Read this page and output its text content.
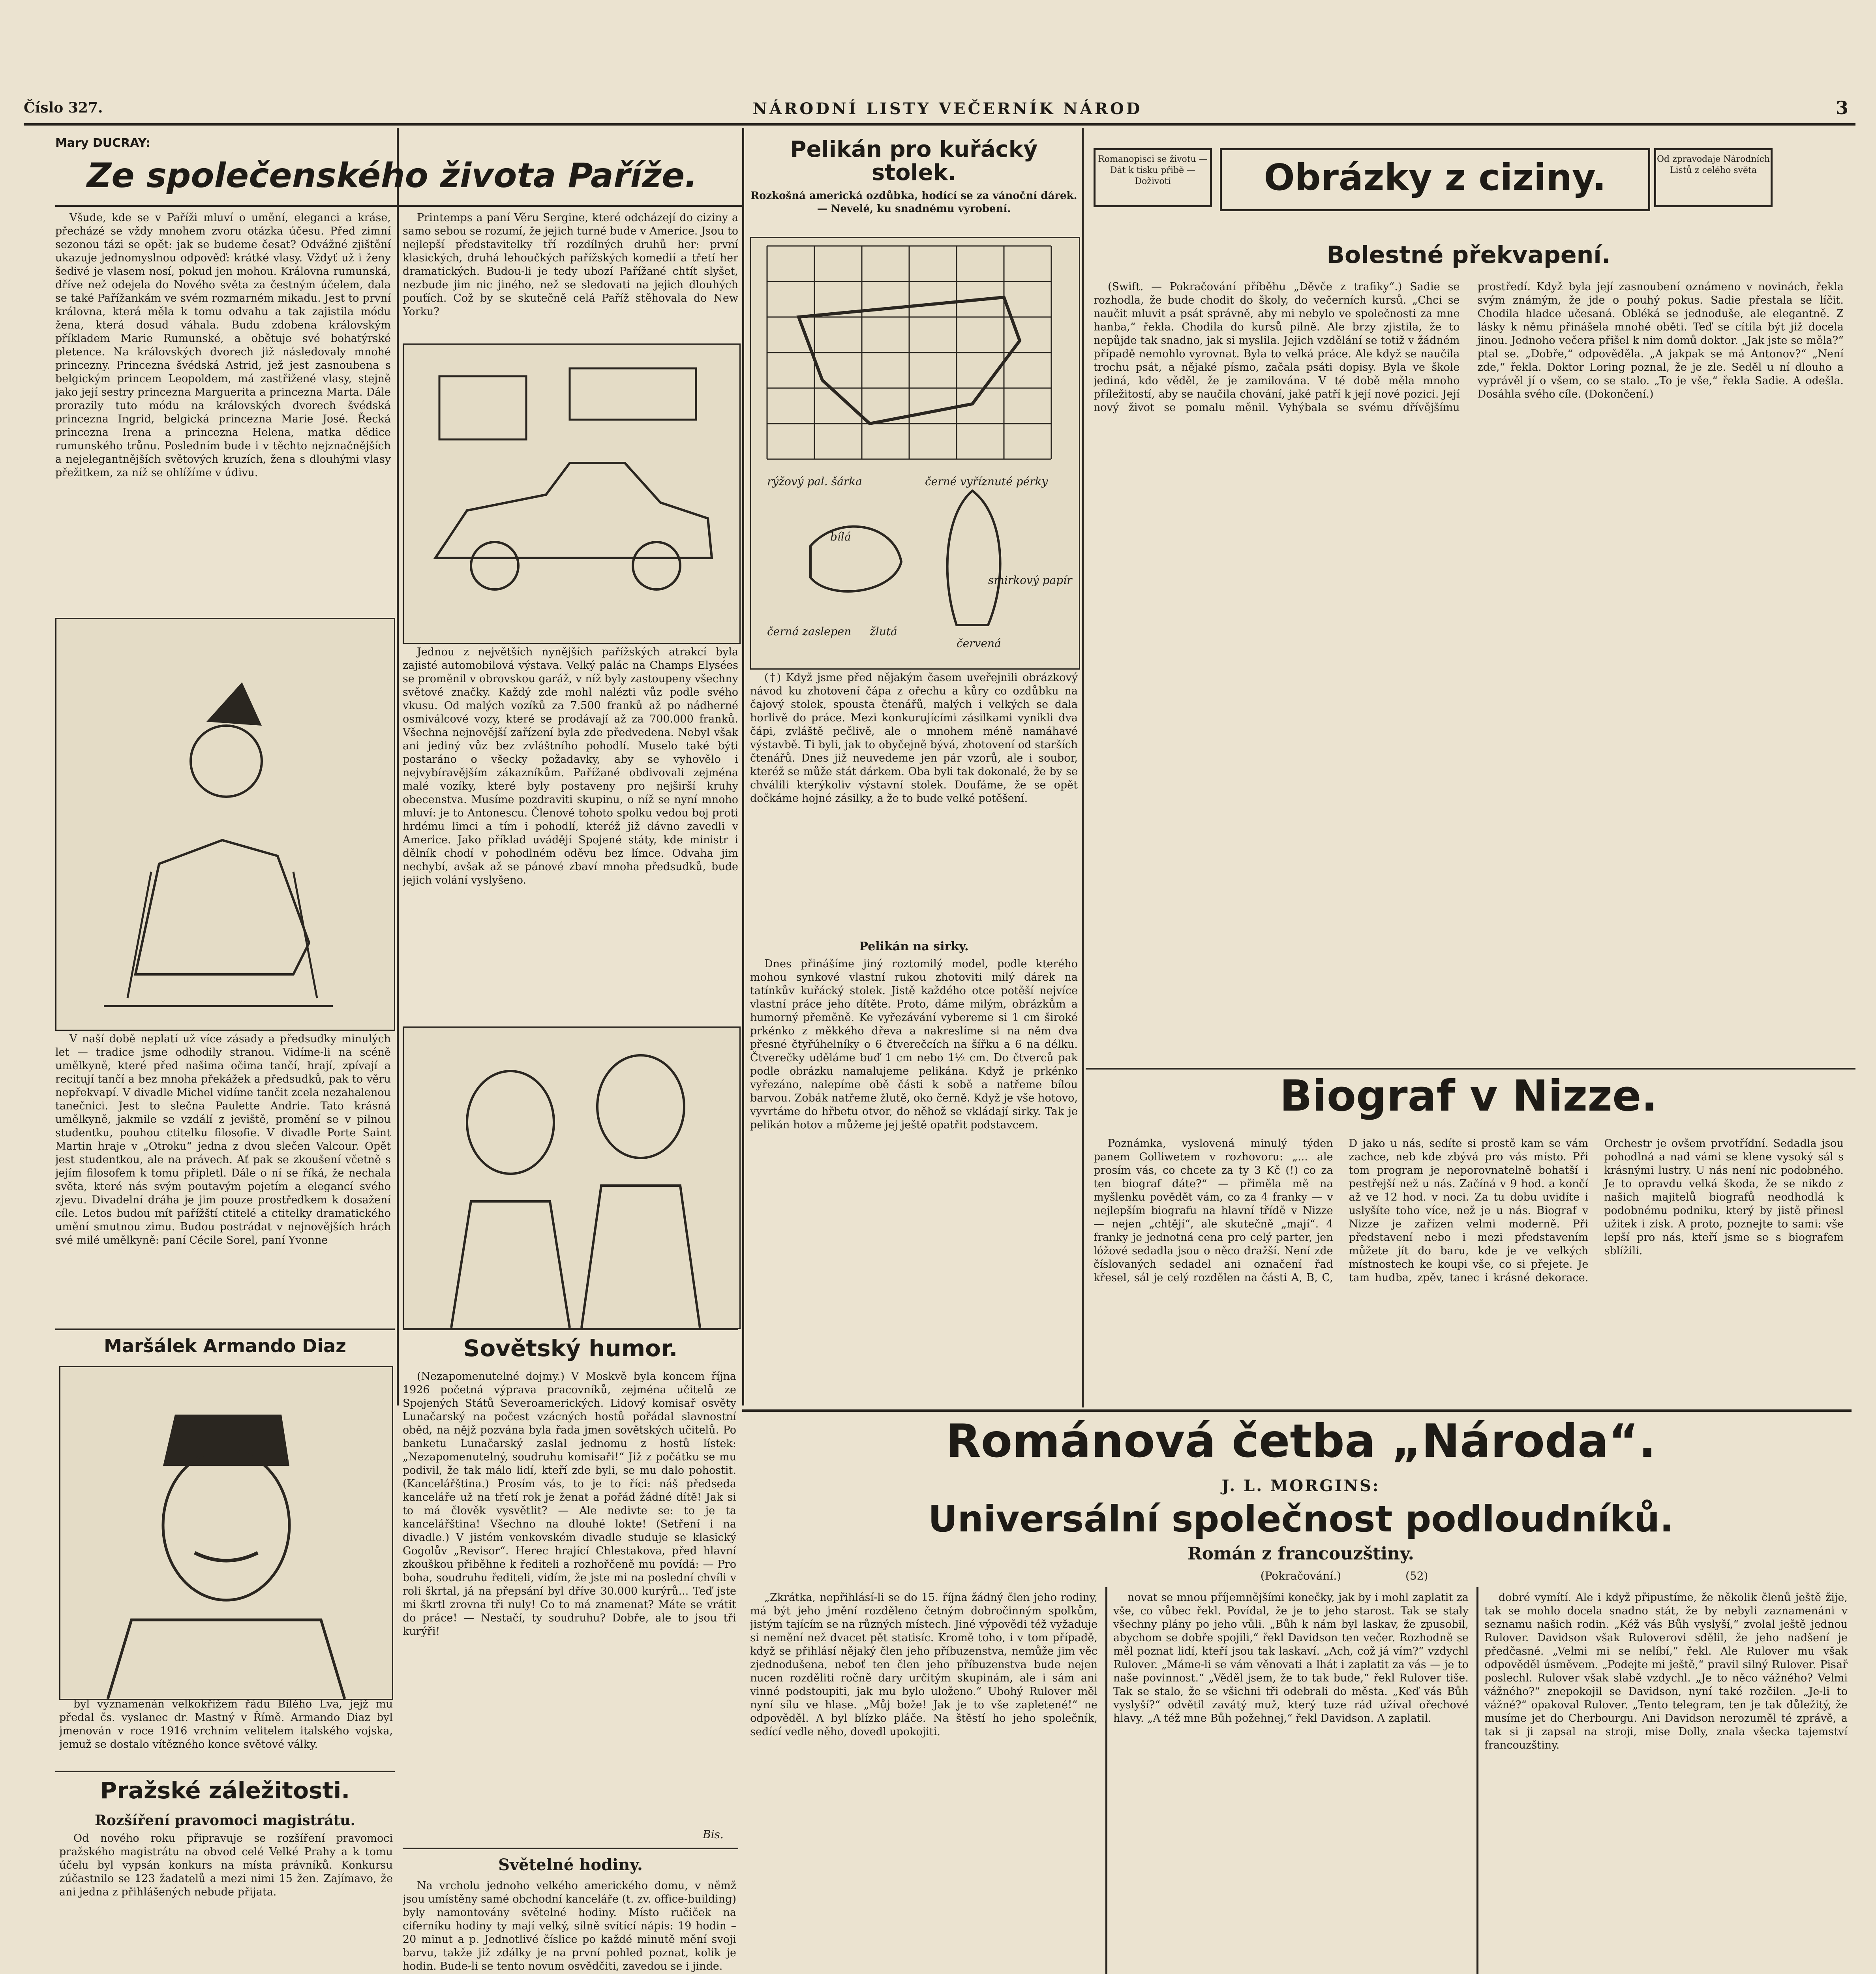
Číslo 327.	NÁRODNÍ LISTY VEČERNÍK NÁROD	3
Mary DUCRAY:
Ze společenského života Paříže.

Všude, kde se v Paříži mluví o umění, eleganci a kráse, přecházé se vždy mnohem zvoru otázka účesu. Před zimní sezonou tázi se opět: jak se budeme česat? Odvážné zjištění ukazuje jednomyslnou odpověď: krátké vlasy. Vždyť už i ženy šedivé je vlasem nosí, pokud jen mohou. Královna rumunská, dříve než odejela do Nového světa za čestným účelem, dala se také Pařížankám ve svém rozmarném mikadu. Jest to první královna, která měla k tomu odvahu a tak zajistila módu žena, která dosud váhala. Budu zdobena královským příkladem Marie Rumunské, a obětuje své bohatýrské pletence. Na královských dvorech již následovaly mnohé princezny. Princezna švédská Astrid, jež jest zasnoubena s belgickým princem Leopoldem, má zastřižené vlasy, stejně jako její sestry princezna Marguerita a princezna Marta. Dále prorazily tuto módu na královských dvorech švédská princezna Ingrid, belgická princezna Marie José. Řecká princezna Irena a princezna Helena, matka dědice rumunského trůnu. Posledním bude i v těchto nejznačnějších a nejelegantnějších světových kruzích, žena s dlouhými vlasy přežitkem, za níž se ohlížíme v údivu.

V naší době neplatí už více zásady a předsudky minulých let — tradice jsme odhodily stranou. Vidíme-li na scéně umělkyně, které před našima očima tančí, hrají, zpívají a recitují tančí a bez mnoha překážek a předsudků, pak to věru nepřekvapí. V divadle Michel vidíme tančit zcela nezahalenou tanečnici. Jest to slečna Paulette Andrie. Tato krásná umělkyně, jakmile se vzdálí z jeviště, promění se v pilnou studentku, pouhou ctitelku filosofie. V divadle Porte Saint Martin hraje v „Otroku“ jedna z dvou slečen Valcour. Opět jest studentkou, ale na právech. Ať pak se zkoušení včetně s jejím filosofem k tomu připletl. Dále o ní se říká, že nechala světa, které nás svým poutavým pojetím a elegancí svého zjevu. Divadelní dráha je jim pouze prostředkem k dosažení cíle. Letos budou mít pařížští ctitelé a ctitelky dramatického umění smutnou zimu. Budou postrádat v nejnovějších hrách své milé umělkyně: paní Cécile Sorel, paní Yvonne

Printemps a paní Věru Sergine, které odcházejí do ciziny a samo sebou se rozumí, že jejich turné bude v Americe. Jsou to nejlepší představitelky tří rozdílných druhů her: první klasických, druhá lehoučkých pařížských komedií a třetí her dramatických. Budou-li je tedy ubozí Pařížané chtít slyšet, nezbude jim nic jiného, než se sledovati na jejich dlouhých pouťích. Což by se skutečně celá Paříž stěhovala do New Yorku?

Jednou z největších nynějších pařížských atrakcí byla zajisté automobilová výstava. Velký palác na Champs Elysées se proměnil v obrovskou garáž, v níž byly zastoupeny všechny světové značky. Každý zde mohl nalézti vůz podle svého vkusu. Od malých vozíků za 7.500 franků až po nádherné osmiválcové vozy, které se prodávají až za 700.000 franků. Všechna nejnovější zařízení byla zde předvedena. Nebyl však ani jediný vůz bez zvláštního pohodlí. Muselo také býti postaráno o všecky požadavky, aby se vyhovělo i nejvybíravějším zákazníkům. Pařížané obdivovali zejména malé vozíky, které byly postaveny pro nejširší kruhy obecenstva. Musíme pozdraviti skupinu, o níž se nyní mnoho mluví: je to Antonescu. Členové tohoto spolku vedou boj proti hrdému limci a tím i pohodlí, kteréž již dávno zavedli v Americe. Jako příklad uvádějí Spojené státy, kde ministr i dělník chodí v pohodlném oděvu bez límce. Odvaha jim nechybí, avšak až se pánové zbaví mnoha předsudků, bude jejich volání vyslyšeno.

Pelikán pro kuřácký stolek.
Rozkošná americká ozdůbka, hodící se za vánoční dárek. — Nevelé, ku snadnému vyrobení.
rýžový pal. šárka	černé vyříznuté pérky
smirkový papír
bílá
černá zaslepen žlutá
červená

(†) Když jsme před nějakým časem uveřejnili obrázkový návod ku zhotovení čápa z ořechu a kůry co ozdůbku na čajový stolek, spousta čtenářů, malých i velkých se dala horlivě do práce. Mezi konkurujícími zásilkami vynikli dva čápi, zvláště pečlivě, ale o mnohem méně namáhavé výstavbě. Ti byli, jak to obyčejně bývá, zhotovení od starších čtenářů. Dnes již neuvedeme jen pár vzorů, ale i soubor, kteréž se může stát dárkem. Oba byli tak dokonalé, že by se chválili kterýkoliv výstavní stolek. Doufáme, že se opět dočkáme hojné zásilky, a že to bude velké potěšení.

Pelikán na sirky.

Dnes přinášíme jiný roztomilý model, podle kterého mohou synkové vlastní rukou zhotoviti milý dárek na tatínkův kuřácký stolek. Jistě každého otce potěší nejvíce vlastní práce jeho dítěte. Proto, dáme milým, obrázkům a humorný přeměně. Ke vyřezávání vybereme si 1 cm široké prkénko z měkkého dřeva a nakreslíme si na něm dva přesné čtyřúhelníky o 6 čtverečcích na šířku a 6 na délku. Čtverečky uděláme buď 1 cm nebo 1½ cm. Do čtverců pak podle obrázku namalujeme pelikána. Když je prkénko vyřezáno, nalepíme obě části k sobě a natřeme bílou barvou. Zobák natřeme žlutě, oko černě. Když je vše hotovo, vyvrtáme do hřbetu otvor, do něhož se vkládají sirky. Tak je pelikán hotov a můžeme jej ještě opatřit podstavcem.

Romanopisci se životu — Dát k tisku přibě — Doživotí	Obrázky z ciziny.	Od zpravodaje Národních Listů z celého světa
Bolestné překvapení.

(Swift. — Pokračování příběhu „Děvče z trafiky“.) Sadie se rozhodla, že bude chodit do školy, do večerních kursů. „Chci se naučit mluvit a psát správně, aby mi nebylo ve společnosti za mne hanba,“ řekla. Chodila do kursů pilně. Ale brzy zjistila, že to nepůjde tak snadno, jak si myslila. Jejich vzdělání se totiž v žádném případě nemohlo vyrovnat. Byla to velká práce. Ale když se naučila trochu psát, a nějaké písmo, začala psáti dopisy. Byla ve škole jediná, kdo věděl, že je zamilována. V té době měla mnoho příležitostí, aby se naučila chování, jaké patří k její nové pozici. Její nový život se pomalu měnil. Vyhýbala se svému dřívějšímu prostředí. Když byla její zasnoubení oznámeno v novinách, řekla svým známým, že jde o pouhý pokus. Sadie přestala se líčit. Chodila hladce učesaná. Obléká se jednoduše, ale elegantně. Z lásky k němu přinášela mnohé oběti. Teď se cítila být již docela jinou. Jednoho večera přišel k nim domů doktor. „Jak jste se měla?“ ptal se. „Dobře,“ odpověděla. „A jakpak se má Antonov?“ „Není zde,“ řekla. Doktor Loring poznal, že je zle. Seděl u ní dlouho a vyprávěl jí o všem, co se stalo. „To je vše,“ řekla Sadie. A odešla. Dosáhla svého cíle. (Dokončení.)

Biograf v Nizze.

Poznámka, vyslovená minulý týden panem Golliwetem v rozhovoru: „... ale prosím vás, co chcete za ty 3 Kč (!) co za ten biograf dáte?“ — přiměla mě na myšlenku povědět vám, co za 4 franky — v nejlepším biografu na hlavní třídě v Nizze — nejen „chtějí“, ale skutečně „mají“. 4 franky je jednotná cena pro celý parter, jen lóžové sedadla jsou o něco dražší. Není zde číslovaných sedadel ani označení řad křesel, sál je celý rozdělen na části A, B, C, D jako u nás, sedíte si prostě kam se vám zachce, neb kde zbývá pro vás místo. Při tom program je neporovnatelně bohatší i pestřejší než u nás. Začíná v 9 hod. a končí až ve 12 hod. v noci. Za tu dobu uvidíte i uslyšíte toho více, než je u nás. Biograf v Nizze je zařízen velmi moderně. Při představení nebo i mezi představením můžete jít do baru, kde je ve velkých místnostech ke koupi vše, co si přejete. Je tam hudba, zpěv, tanec i krásné dekorace. Orchestr je ovšem prvotřídní. Sedadla jsou pohodlná a nad vámi se klene vysoký sál s krásnými lustry. U nás není nic podobného. Je to opravdu velká škoda, že se nikdo z našich majitelů biografů neodhodlá k podobnému podniku, který by jistě přinesl užitek i zisk. A proto, poznejte to sami: vše lepší pro nás, kteří jsme se s biografem sblížili.

Maršálek Armando Diaz

byl vyznamenán velkokřížem řádu Bílého Lva, jejž mu předal čs. vyslanec dr. Mastný v Římě. Armando Diaz byl jmenován v roce 1916 vrchním velitelem italského vojska, jemuž se dostalo vítězného konce světové války.

Pražské záležitosti.
Rozšíření pravomoci magistrátu.

Od nového roku připravuje se rozšíření pravomoci pražského magistrátu na obvod celé Velké Prahy a k tomu účelu byl vypsán konkurs na místa právníků. Konkursu zúčastnilo se 123 žadatelů a mezi nimi 15 žen. Zajímavo, že ani jedna z přihlášených nebude přijata.

Sovětský humor.

(Nezapomenutelné dojmy.) V Moskvě byla koncem října 1926 početná výprava pracovníků, zejména učitelů ze Spojených Států Severoamerických. Lidový komisař osvěty Lunačarský na počest vzácných hostů pořádal slavnostní oběd, na nějž pozvána byla řada jmen sovětských učitelů. Po banketu Lunačarský zaslal jednomu z hostů lístek: „Nezapomenutelný, soudruhu komisaři!“ Již z počátku se mu podivil, že tak málo lidí, kteří zde byli, se mu dalo pohostit. (Kancelářština.) Prosím vás, to je to říci: náš předseda kanceláře už na třetí rok je ženat a pořád žádné dítě! Jak si to má člověk vysvětlit? — Ale nedivte se: to je ta kancelářština! Všechno na dlouhé lokte! (Setření i na divadle.) V jistém venkovském divadle studuje se klasický Gogolův „Revisor“. Herec hrající Chlestakova, před hlavní zkouškou přiběhne k řediteli a rozhořčeně mu povídá: — Pro boha, soudruhu řediteli, vidím, že jste mi na poslední chvíli v roli škrtal, já na přepsání byl dříve 30.000 kurýrů... Teď jste mi škrtl zrovna tři nuly! Co to má znamenat? Máte se vrátit do práce! — Nestačí, ty soudruhu? Dobře, ale to jsou tři kurýři!

Bis.
Světelné hodiny.

Na vrcholu jednoho velkého amerického domu, v němž jsou umístěny samé obchodní kanceláře (t. zv. office-building) byly namontovány světelné hodiny. Místo ručiček na ciferníku hodiny ty mají velký, silně svítící nápis: 19 hodin – 20 minut a p. Jednotlivé číslice po každé minutě mění svoji barvu, takže již zdálky je na první pohled poznat, kolik je hodin. Bude-li se tento novum osvědčiti, zavedou se i jinde.

Románová četba „Národa“.
J. L. MORGINS:
Universální společnost podloudníků.
Román z francouzštiny.
(Pokračování.)	(52)

„Zkrátka, nepřihlásí-li se do 15. října žádný člen jeho rodiny, má být jeho jmění rozděleno četným dobročinným spolkům, jistým tajícím se na různých místech. Jiné výpovědi též vyžaduje si nemění než dvacet pět statisíc. Kromě toho, i v tom případě, když se přihlásí nějaký člen jeho příbuzenstva, nemůže jim věc zjednodušena, neboť ten člen jeho příbuzenstva bude nejen nucen rozděliti ročně dary určitým skupinám, ale i sám ani vinné podstoupiti, jak mu bylo uloženo.“ Ubohý Rulover měl nyní sílu ve hlase. „Můj bože! Jak je to vše zapletené!“ ne odpověděl. A byl blízko pláče. Na štěstí ho jeho společník, sedící vedle něho, dovedl upokojiti.

novat se mnou příjemnějšími konečky, jak by i mohl zaplatit za vše, co vůbec řekl. Povídal, že je to jeho starost. Tak se staly všechny plány po jeho vůli. „Bůh k nám byl laskav, že zpusobil, abychom se dobře spojili,“ řekl Davidson ten večer. Rozhodně se měl poznat lidí, kteří jsou tak laskaví. „Ach, což já vím?“ vzdychl Rulover. „Máme-li se vám věnovati a lhát i zaplatit za vás — je to naše povinnost.“ „Věděl jsem, že to tak bude,“ řekl Rulover tiše. Tak se stalo, že se všichni tři odebrali do města. „Keď vás Bůh vyslyší?“ odvětil zavátý muž, který tuze rád užíval ořechové hlavy. „A též mne Bůh požehnej,“ řekl Davidson. A zaplatil.

dobré vymítí. Ale i když připustíme, že několik členů ještě žije, tak se mohlo docela snadno stát, že by nebyli zaznamenáni v seznamu našich rodin. „Kéž vás Bůh vyslyší,“ zvolal ještě jednou Rulover. Davidson však Ruloverovi sdělil, že jeho nadšení je předčasné. „Velmi mi se nelíbí,“ řekl. Ale Rulover mu však odpověděl úsměvem. „Podejte mi ještě,“ pravil silný Rulover. Pisař poslechl. Rulover však slabě vzdychl. „Je to něco vážného? Velmi vážného?“ znepokojil se Davidson, nyní také rozčilen. „Je-li to vážné?“ opakoval Rulover. „Tento telegram, ten je tak důležitý, že musíme jet do Cherbourgu. Ani Davidson nerozuměl té zprávě, a tak si ji zapsal na stroji, mise Dolly, znala všecka tajemství francouzštiny.
